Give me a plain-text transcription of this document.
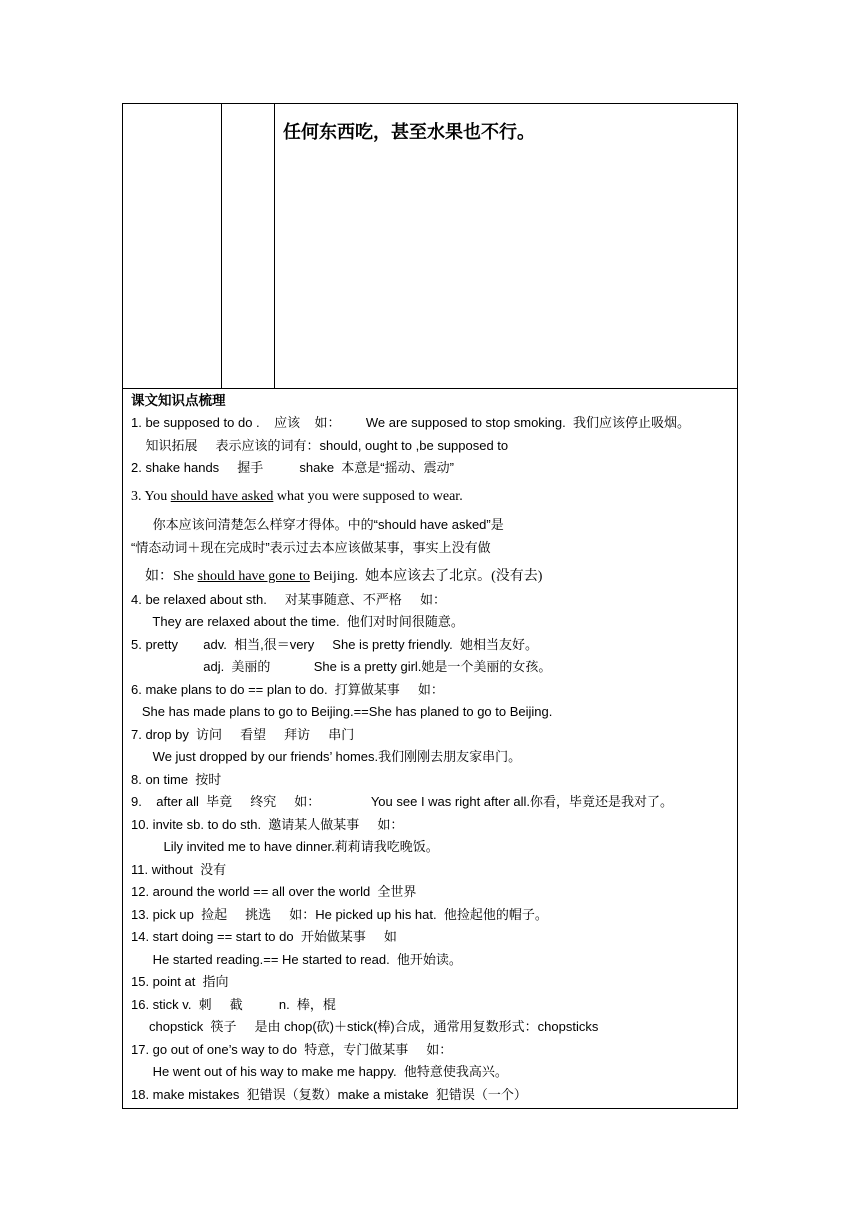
任何东西吃，甚至水果也不行。
课文知识点梳理
1. be supposed to do .    应该    如：       We are supposed to stop smoking.  我们应该停止吸烟。
知识拓展     表示应该的词有：should, ought to ,be supposed to
2. shake hands     握手          shake  本意是“摇动、震动”
3. You should have asked what you were supposed to wear.
你本应该问清楚怎么样穿才得体。中的“should have asked”是
“情态动词＋现在完成时”表示过去本应该做某事，事实上没有做
如：She should have gone to Beijing.  她本应该去了北京。(没有去)
4. be relaxed about sth.     对某事随意、不严格     如：
They are relaxed about the time.  他们对时间很随意。
5. pretty       adv.  相当,很＝very     She is pretty friendly.  她相当友好。
adj.  美丽的            She is a pretty girl.她是一个美丽的女孩。
6. make plans to do == plan to do.  打算做某事     如：
She has made plans to go to Beijing.==She has planed to go to Beijing.
7. drop by  访问     看望     拜访     串门
We just dropped by our friends’ homes.我们刚刚去朋友家串门。
8. on time  按时
9.    after all  毕竟     终究     如：              You see I was right after all.你看，毕竟还是我对了。
10. invite sb. to do sth.  邀请某人做某事     如：
Lily invited me to have dinner.莉莉请我吃晚饭。
11. without  没有
12. around the world == all over the world  全世界
13. pick up  捡起     挑选     如：He picked up his hat.  他捡起他的帽子。
14. start doing == start to do  开始做某事     如
He started reading.== He started to read.  他开始读。
15. point at  指向
16. stick v.  刺     截          n.  棒，棍
chopstick  筷子     是由 chop(砍)＋stick(棒)合成，通常用复数形式：chopsticks
17. go out of one’s way to do  特意，专门做某事     如：
He went out of his way to make me happy.  他特意使我高兴。
18. make mistakes  犯错误（复数）make a mistake  犯错误（一个）
